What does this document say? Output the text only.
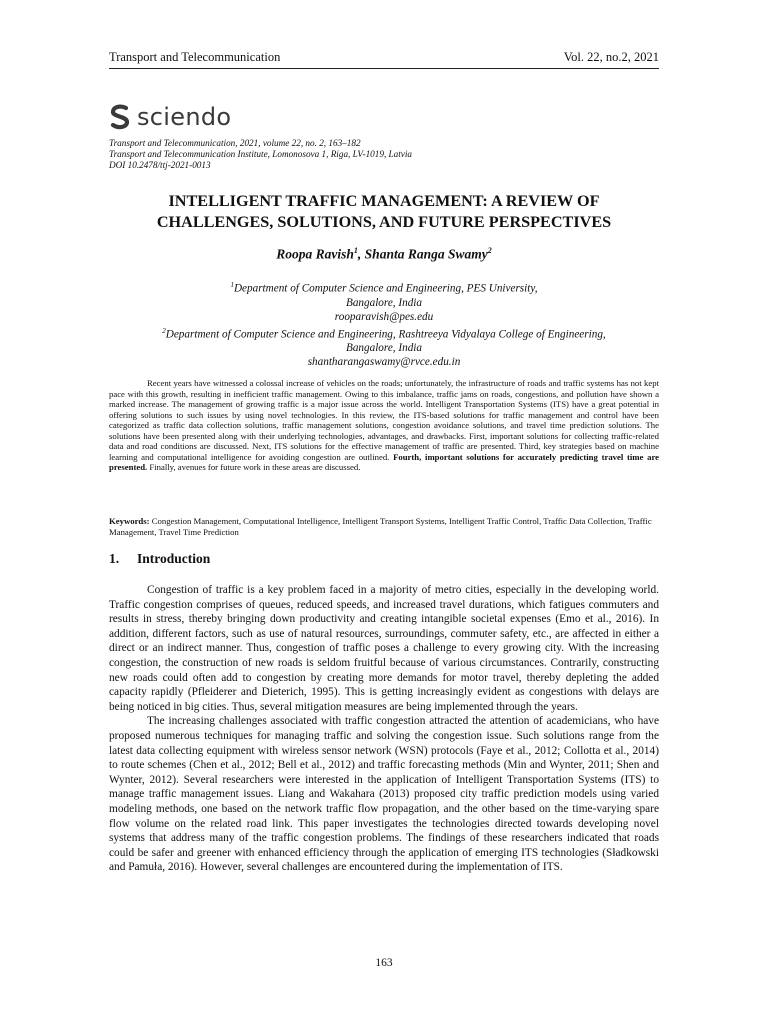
Transport and Telecommunication	Vol. 22, no.2, 2021
sciendo
Transport and Telecommunication, 2021, volume 22, no. 2, 163–182
Transport and Telecommunication Institute, Lomonosova 1, Riga, LV-1019, Latvia
DOI 10.2478/ttj-2021-0013
INTELLIGENT TRAFFIC MANAGEMENT: A REVIEW OF
CHALLENGES, SOLUTIONS, AND FUTURE PERSPECTIVES
Roopa Ravish$^1$, Shanta Ranga Swamy$^2$
$^1$Department of Computer Science and Engineering, PES University,
Bangalore, India
rooparavish@pes.edu
$^2$Department of Computer Science and Engineering, Rashtreeya Vidyalaya College of Engineering,
Bangalore, India
shantharangaswamy@rvce.edu.in

Recent years have witnessed a colossal increase of vehicles on the roads; unfortunately, the infrastructure of roads and traffic systems has not kept pace with this growth, resulting in inefficient traffic management. Owing to this imbalance, traffic jams on roads, congestions, and pollution have shown a marked increase. The management of growing traffic is a major issue across the world. Intelligent Transportation Systems (ITS) have a great potential in offering solutions to such issues by using novel technologies. In this review, the ITS-based solutions for traffic management and control have been categorized as traffic data collection solutions, traffic management solutions, congestion avoidance solutions, and travel time prediction solutions. The solutions have been presented along with their underlying technologies, advantages, and drawbacks. First, important solutions for collecting traffic-related data and road conditions are discussed. Next, ITS solutions for the effective management of traffic are presented. Third, key strategies based on machine learning and computational intelligence for avoiding congestion are outlined. Fourth, important solutions for accurately predicting travel time are presented. Finally, avenues for future work in these areas are discussed.

Keywords: Congestion Management, Computational Intelligence, Intelligent Transport Systems, Intelligent Traffic Control, Traffic Data Collection, Traffic Management, Travel Time Prediction
1. Introduction

Congestion of traffic is a key problem faced in a majority of metro cities, especially in the developing world. Traffic congestion comprises of queues, reduced speeds, and increased travel durations, which fatigues commuters and results in stress, thereby bringing down productivity and creating intangible societal expenses (Emo et al., 2016). In addition, different factors, such as use of natural resources, surroundings, commuter safety, etc., are affected in either a direct or an indirect manner. Thus, congestion of traffic poses a challenge to every growing city. With the increasing congestion, the construction of new roads is seldom fruitful because of various circumstances. Contrarily, constructing new roads could often add to congestion by creating more demands for motor travel, thereby depleting the added capacity rapidly (Pfleiderer and Dieterich, 1995). This is getting increasingly evident as congestions with delays are being noticed in big cities. Thus, several mitigation measures are being implemented through the years.

The increasing challenges associated with traffic congestion attracted the attention of academicians, who have proposed numerous techniques for managing traffic and solving the congestion issue. Such solutions range from the latest data collecting equipment with wireless sensor network (WSN) protocols (Faye et al., 2012; Collotta et al., 2014) to route schemes (Chen et al., 2012; Bell et al., 2012) and traffic forecasting methods (Min and Wynter, 2011; Shen and Wynter, 2012). Several researchers were interested in the application of Intelligent Transportation Systems (ITS) to manage traffic management issues. Liang and Wakahara (2013) proposed city traffic prediction models using varied modeling methods, one based on the network traffic flow propagation, and the other based on the time-varying spare flow volume on the related road link. This paper investigates the technologies directed towards developing novel systems that address many of the traffic congestion problems. The findings of these researchers indicated that roads could be safer and greener with enhanced efficiency through the application of emerging ITS technologies (Sładkowski and Pamuła, 2016). However, several challenges are encountered during the implementation of ITS.

163
